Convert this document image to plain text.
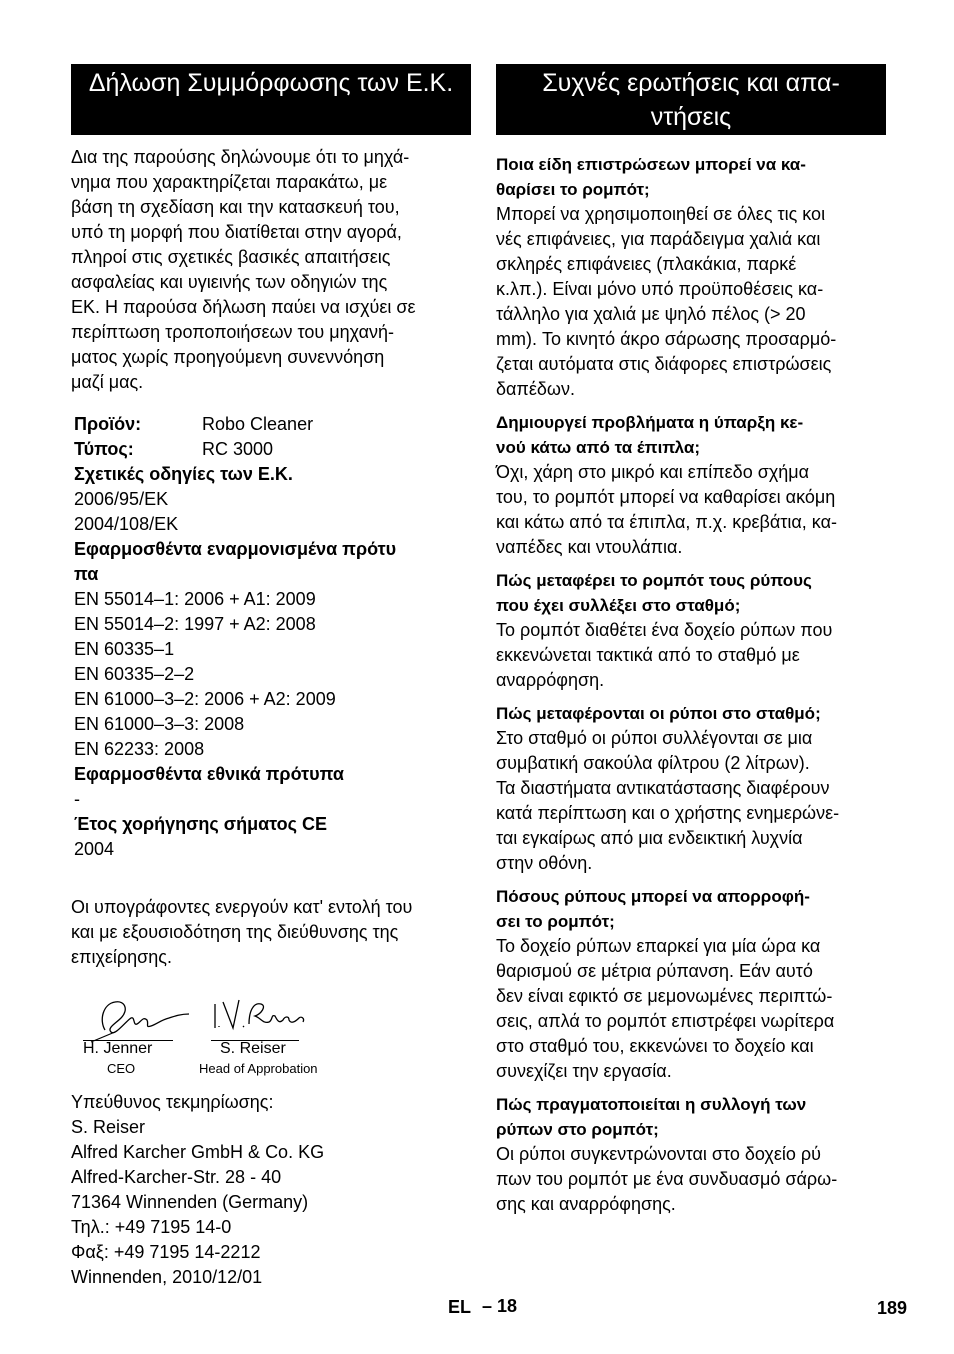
Δήλωση Συμμόρφωσης των Ε.Κ.

Δια της παρούσης δηλώνουμε ότι το μηχά-

νημα που χαρακτηρίζεται παρακάτω, με

βάση τη σχεδίαση και την κατασκευή του,

υπό τη μορφή που διατίθεται στην αγορά,

πληροί στις σχετικές βασικές απαιτήσεις

ασφαλείας και υγιεινής των οδηγιών της

ΕΚ. Η παρούσα δήλωση παύει να ισχύει σε

περίπτωση τροποποιήσεων του μηχανή-

ματος χωρίς προηγούμενη συνεννόηση

μαζί μας.

Προϊόν:	Robo Cleaner
Τύπος:	RC 3000
Σχετικές οδηγίες των Ε.Κ.
2006/95/ΕΚ
2004/108/ΕΚ
Εφαρμοσθέντα εναρμονισμένα πρότυ
πα
EN 55014–1: 2006 + A1: 2009
EN 55014–2: 1997 + A2: 2008
EN 60335–1
EN 60335–2–2
EN 61000–3–2: 2006 + A2: 2009
EN 61000–3–3: 2008
EN 62233: 2008
Εφαρμοσθέντα εθνικά πρότυπα
-
Έτος χορήγησης σήματος CE
2004

Οι υπογράφοντες ενεργούν κατ' εντολή του

και με εξουσιοδότηση της διεύθυνσης της

επιχείρησης.

H. Jenner
CEO
S. Reiser
Head of Approbation

Υπεύθυνος τεκμηρίωσης:

S. Reiser

Alfred Karcher GmbH & Co. KG

Alfred-Karcher-Str. 28 - 40

71364 Winnenden (Germany)

Τηλ.: +49 7195 14-0

Φαξ: +49 7195 14-2212

Winnenden, 2010/12/01

Συχνές ερωτήσεις και απα-
ντήσεις

Ποια είδη επιστρώσεων μπορεί να κα-

θαρίσει το ρομπότ;

Μπορεί να χρησιμοποιηθεί σε όλες τις κοι
νές επιφάνειες, για παράδειγμα χαλιά και
σκληρές επιφάνειες (πλακάκια, παρκέ
κ.λπ.). Είναι μόνο υπό προϋποθέσεις κα-
τάλληλο για χαλιά με ψηλό πέλος (> 20
mm). Το κινητό άκρο σάρωσης προσαρμό-
ζεται αυτόματα στις διάφορες επιστρώσεις
δαπέδων.

Δημιουργεί προβλήματα η ύπαρξη κε-

νού κάτω από τα έπιπλα;

Όχι, χάρη στο μικρό και επίπεδο σχήμα
του, το ρομπότ μπορεί να καθαρίσει ακόμη
και κάτω από τα έπιπλα, π.χ. κρεβάτια, κα-
ναπέδες και ντουλάπια.

Πώς μεταφέρει το ρομπότ τους ρύπους

που έχει συλλέξει στο σταθμό;

Το ρομπότ διαθέτει ένα δοχείο ρύπων που
εκκενώνεται τακτικά από το σταθμό με
αναρρόφηση.

Πώς μεταφέρονται οι ρύποι στο σταθμό;

Στο σταθμό οι ρύποι συλλέγονται σε μια
συμβατική σακούλα φίλτρου (2 λίτρων).
Τα διαστήματα αντικατάστασης διαφέρουν
κατά περίπτωση και ο χρήστης ενημερώνε-
ται εγκαίρως από μια ενδεικτική λυχνία
στην οθόνη.

Πόσους ρύπους μπορεί να απορροφή-

σει το ρομπότ;

Το δοχείο ρύπων επαρκεί για μία ώρα κα
θαρισμού σε μέτρια ρύπανση. Εάν αυτό
δεν είναι εφικτό σε μεμονωμένες περιπτώ-
σεις, απλά το ρομπότ επιστρέφει νωρίτερα
στο σταθμό του, εκκενώνει το δοχείο και
συνεχίζει την εργασία.

Πώς πραγματοποιείται η συλλογή των

ρύπων στο ρομπότ;

Οι ρύποι συγκεντρώνονται στο δοχείο ρύ
πων του ρομπότ με ένα συνδυασμό σάρω-
σης και αναρρόφησης.
EL – 18	189
